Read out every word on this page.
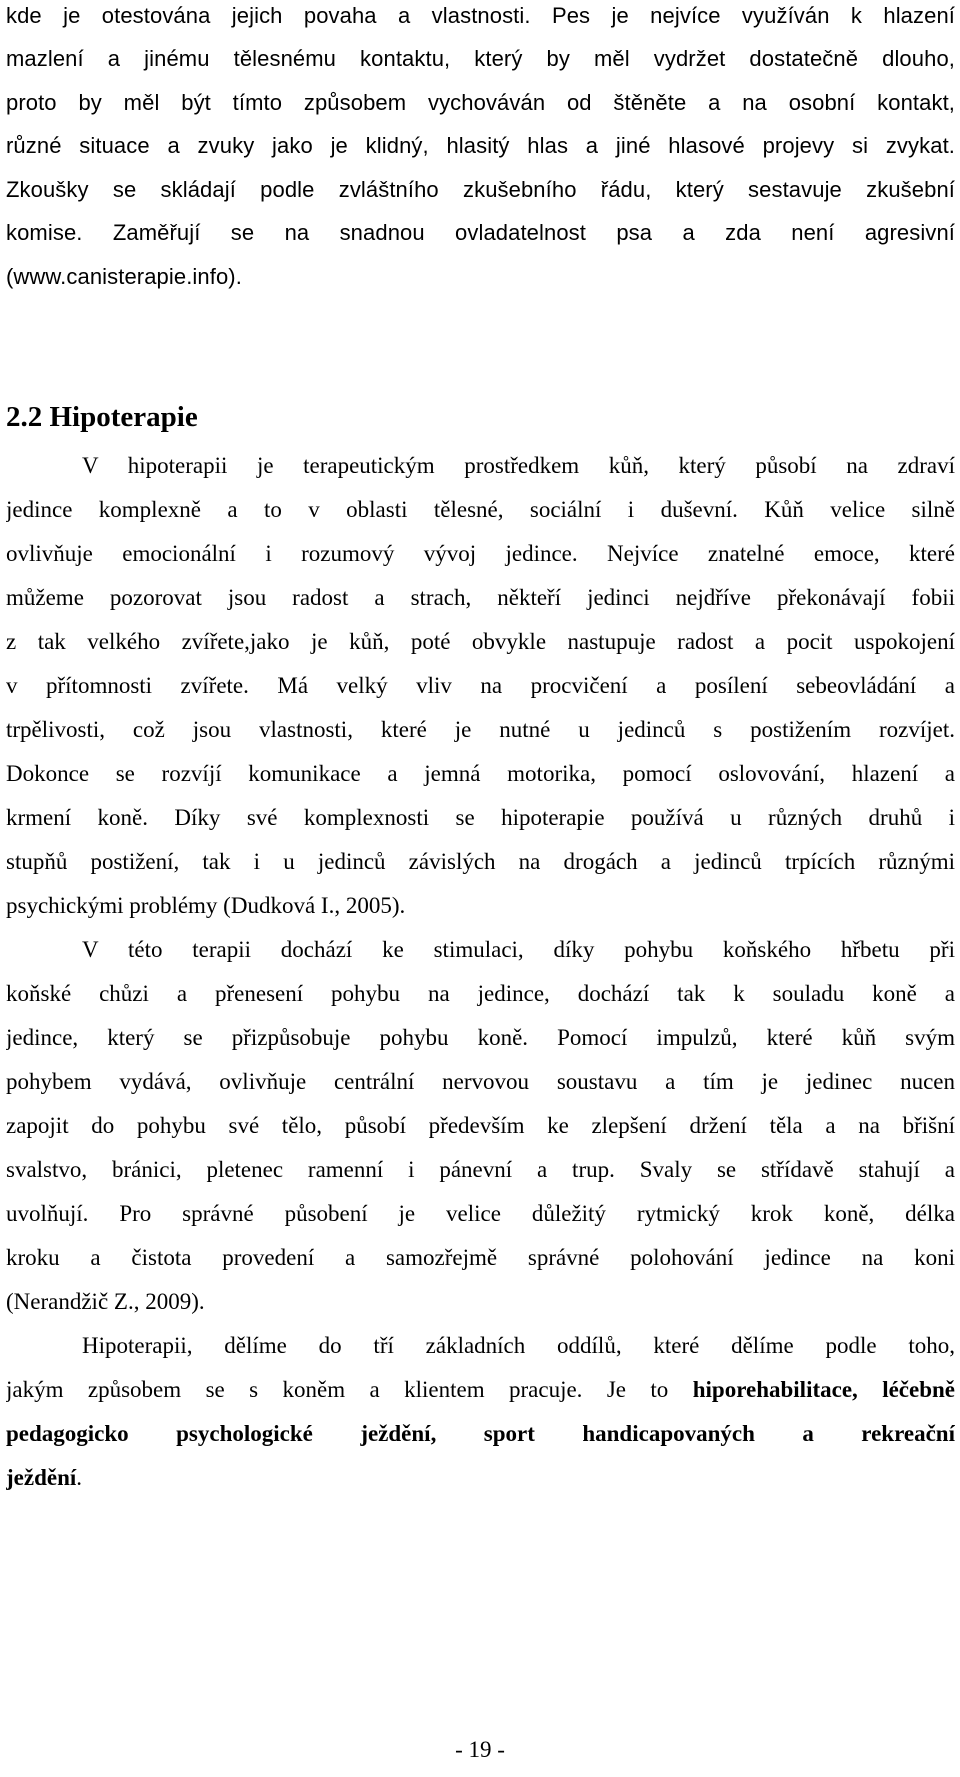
kde je otestována jejich povaha a vlastnosti. Pes je nejvíce využíván k hlazení

mazlení a jinému tělesnému kontaktu, který by měl vydržet dostatečně dlouho,

proto by měl být tímto způsobem vychováván od štěněte a na osobní kontakt,

různé situace a zvuky jako je klidný, hlasitý hlas a jiné hlasové projevy si zvykat.

Zkoušky se skládají podle zvláštního zkušebního řádu, který sestavuje zkušební

komise. Zaměřují se na snadnou ovladatelnost psa a zda není agresivní

(www.canisterapie.info).

2.2 Hipoterapie

V hipoterapii je terapeutickým prostředkem kůň, který působí na zdraví

jedince komplexně a to v oblasti tělesné, sociální i duševní. Kůň velice silně

ovlivňuje emocionální i rozumový vývoj jedince. Nejvíce znatelné emoce, které

můžeme pozorovat jsou radost a strach, někteří jedinci nejdříve překonávají fobii

z tak velkého zvířete,jako je kůň, poté obvykle nastupuje radost a pocit uspokojení

v přítomnosti zvířete. Má velký vliv na procvičení a posílení sebeovládání a

trpělivosti, což jsou vlastnosti, které je nutné u jedinců s postižením rozvíjet.

Dokonce se rozvíjí komunikace a jemná motorika, pomocí oslovování, hlazení a

krmení koně. Díky své komplexnosti se hipoterapie používá u různých druhů i

stupňů postižení, tak i u jedinců závislých na drogách a jedinců trpících různými

psychickými problémy (Dudková I., 2005).

V této terapii dochází ke stimulaci, díky pohybu koňského hřbetu při

koňské chůzi a přenesení pohybu na jedince, dochází tak k souladu koně a

jedince, který se přizpůsobuje pohybu koně. Pomocí impulzů, které kůň svým

pohybem vydává, ovlivňuje centrální nervovou soustavu a tím je jedinec nucen

zapojit do pohybu své tělo, působí především ke zlepšení držení těla a na břišní

svalstvo, bránici, pletenec ramenní i pánevní a trup. Svaly se střídavě stahují a

uvolňují. Pro správné působení je velice důležitý rytmický krok koně, délka

kroku a čistota provedení a samozřejmě správné polohování jedince na koni

(Nerandžič Z., 2009).

Hipoterapii, dělíme do tří základních oddílů, které dělíme podle toho,

jakým způsobem se s koněm a klientem pracuje. Je to hiporehabilitace, léčebně

pedagogicko psychologické ježdění, sport handicapovaných a rekreační

ježdění.

- 19 -
